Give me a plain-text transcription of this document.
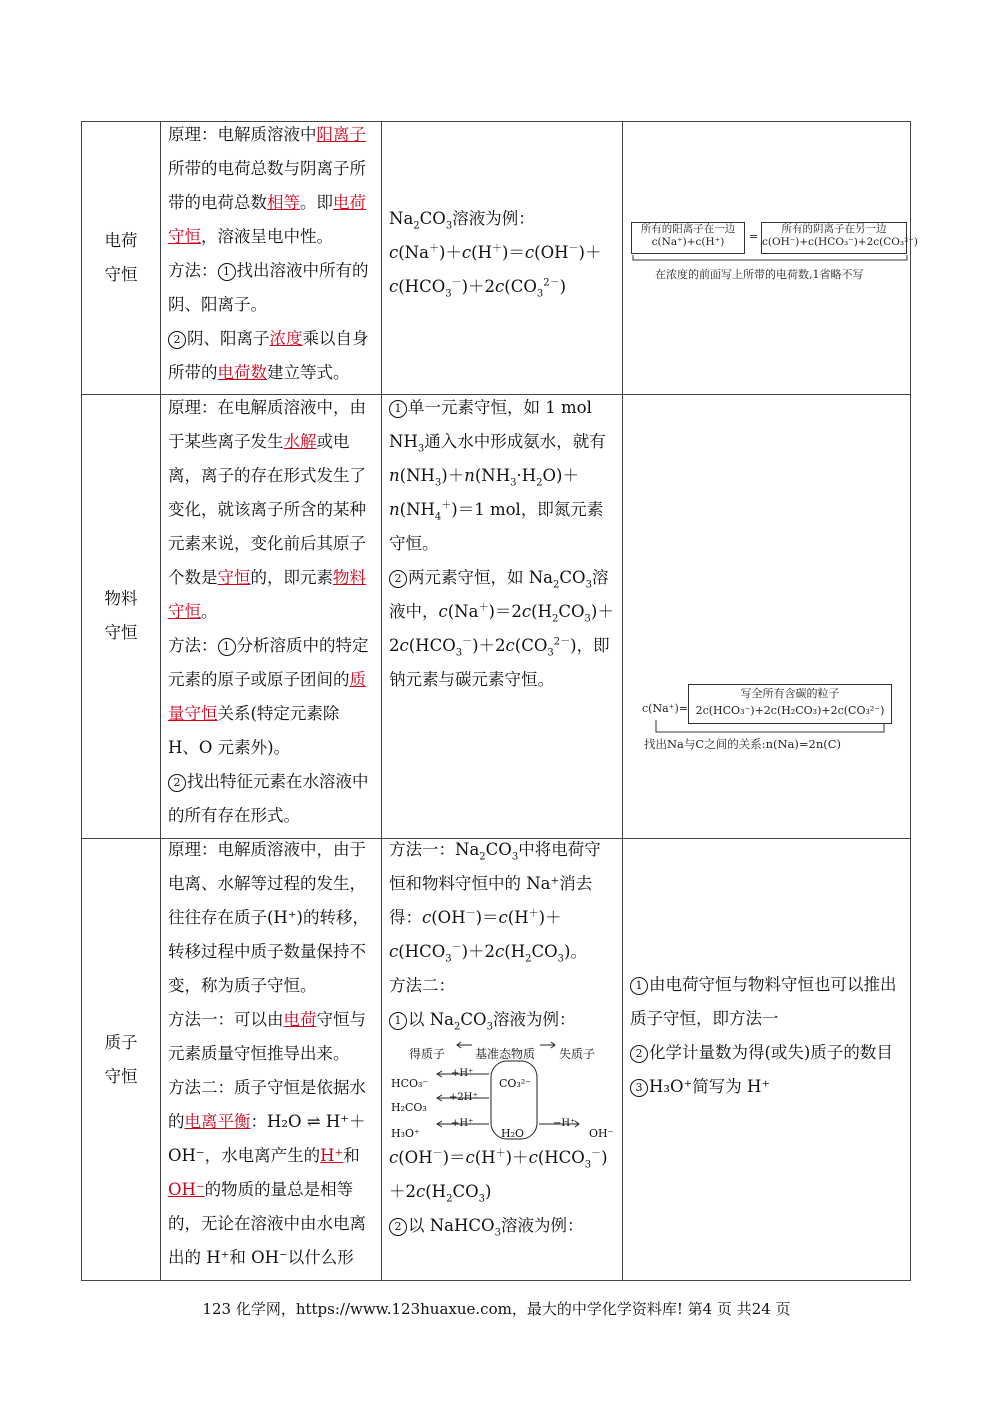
电荷
守恒

原理：电解质溶液中阳离子所带的电荷总数与阴离子所带的电荷总数相等。即电荷守恒，溶液呈电中性。

方法： 1 找出溶液中所有的阴、阳离子。

2 阴、阳离子浓度乘以自身所带的电荷数建立等式。

$Na_2CO_3$溶液为例：

c(Na＋)＋c(H＋)＝c(OH－)＋

$c(HCO_3^-)+2c(CO_3^{2-})$

所有的阳离子在一边
c(Na⁺)+c(H⁺)	=
所有的阴离子在另一边
c(OH⁻)+c(HCO₃⁻)+2c(CO₃²⁻)
在浓度的前面写上所带的电荷数,1省略不写
物料
守恒

原理：在电解质溶液中，由于某些离子发生水解或电离，离子的存在形式发生了变化，就该离子所含的某种元素来说，变化前后其原子个数是守恒的，即元素物料守恒。

方法： 1 分析溶质中的特定元素的原子或原子团间的质量守恒关系(特定元素除 H、O 元素外)。

2 找出特征元素在水溶液中的所有存在形式。

1 单一元素守恒，如 1 mol $NH_3$通入水中形成氨水，就有$n(NH_3)+n(NH_3\cdot H_2O)+n(NH_4^+)=1$ mol，即氮元素守恒。

2 两元素守恒，如 $Na_2CO_3$溶液中，$c(Na^+)=2c(H_2CO_3)+2c(HCO_3^-)+2c(CO_3^{2-})$，即钠元素与碳元素守恒。

c(Na⁺)=
写全所有含碳的粒子
2c(HCO₃⁻)+2c(H₂CO₃)+2c(CO₃²⁻)
找出Na与C之间的关系:n(Na)=2n(C)
质子
守恒

原理：电解质溶液中，由于电离、水解等过程的发生，往往存在质子(H⁺)的转移，转移过程中质子数量保持不变，称为质子守恒。

方法一：可以由电荷守恒与元素质量守恒推导出来。

方法二：质子守恒是依据水的电离平衡：H₂O ⇌ H⁺＋OH⁻，水电离产生的H⁺和OH⁻的物质的量总是相等的，无论在溶液中由水电离出的 H⁺和 OH⁻以什么形

方法一：$Na_2CO_3$中将电荷守恒和物料守恒中的 Na⁺消去得：$c(OH^-)=c(H^+)+c(HCO_3^-)+2c(H_2CO_3)$。

方法二：

1 以 $Na_2CO_3$溶液为例：

得质子 基准态物质 失质子
HCO₃⁻
H₂CO₃
H₃O⁺
+H⁺
+2H⁺
+H⁺
CO₃²⁻
H₂O
−H⁺
OH⁻

$c(OH^-)=c(H^+)+c(HCO_3^-)+2c(H_2CO_3)$

2 以 NaHCO$_3$溶液为例：

1 由电荷守恒与物料守恒也可以推出质子守恒，即方法一

2 化学计量数为得(或失)质子的数目

3 H₃O⁺简写为 H⁺

123 化学网，https://www.123huaxue.com，最大的中学化学资料库! 第4 页 共24 页
